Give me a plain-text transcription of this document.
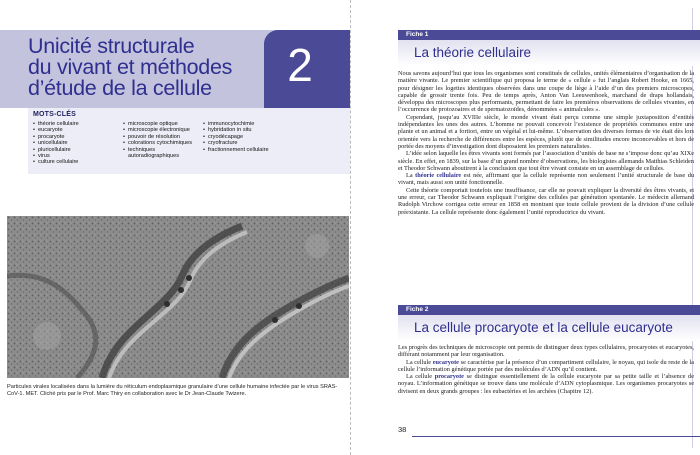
Unicité structurale
du vivant et méthodes
d’étude de la cellule	2
MOTS-CLÉS
• théorie cellulaire
• eucaryote
• procaryote
• unicellulaire
• pluricellulaire
• virus
• culture cellulaire
• microscopie optique
• microscopie électronique
• pouvoir de résolution
• colorations cytochimiques
• techniques autoradiographiques
• immunocytochimie
• hybridation in situ
• cryodécapage
• cryofracture
• fractionnement cellulaire
Particules virales localisées dans la lumière du réticulum endoplasmique granulaire d’une cellule humaine infectée par le virus SRAS-CoV-1. MET. Cliché pris par le Prof. Marc Thiry en collaboration avec le Dr Jean-Claude Twizere.
Fiche 1
La théorie cellulaire

Nous savons aujourd’hui que tous les organismes sont constitués de cellules, unités élémentaires d’organisation de la matière vivante. Le premier scientifique qui proposa le terme de « cellule » fut l’anglais Robert Hooke, en 1665, pour désigner les logettes identiques observées dans une coupe de liège à l’aide d’un des premiers microscopes, capable de grossir trente fois. Peu de temps après, Anton Van Leeuwenhoek, marchand de draps hollandais, développa des microscopes plus performants, permettant de faire les premières observations de cellules vivantes, en l’occurrence de protozoaires et de spermatozoïdes, dénommées « animalcules ».

Cependant, jusqu’au XVIIIe siècle, le monde vivant était perçu comme une simple juxtaposition d’entités indépendantes les unes des autres. L’homme ne pouvait concevoir l’existence de propriétés communes entre une plante et un animal et a fortiori, entre un végétal et lui-même. L’observation des diverses formes de vie était dès lors orientée vers la recherche de différences entre les espèces, plutôt que de similitudes encore inconcevables et hors de portée des moyens d’investigation dont disposaient les premiers naturalistes.

L’idée selon laquelle les êtres vivants sont formés par l’association d’unités de base ne s’impose donc qu’au XIXe siècle. En effet, en 1839, sur la base d’un grand nombre d’observations, les biologistes allemands Matthias Schleiden et Theodor Schwann aboutirent à la conclusion que tout être vivant consiste en un assemblage de cellules.

La théorie cellulaire est née, affirmant que la cellule représente non seulement l’unité structurale de base du vivant, mais aussi son unité fonctionnelle.

Cette théorie comportait toutefois une insuffisance, car elle ne pouvait expliquer la diversité des êtres vivants, et une erreur, car Theodor Schwann expliquait l’origine des cellules par génération spontanée. Le médecin allemand Rudolph Virchow corrigea cette erreur en 1858 en montrant que toute cellule provient de la division d’une cellule préexistante. La cellule représente donc également l’unité reproductrice du vivant.

Fiche 2
La cellule procaryote et la cellule eucaryote

Les progrès des techniques de microscopie ont permis de distinguer deux types cellulaires, procaryotes et eucaryotes, différant notamment par leur organisation.

La cellule eucaryote se caractérise par la présence d’un compartiment cellulaire, le noyau, qui isole du reste de la cellule l’information génétique portée par des molécules d’ADN qu’il contient.

La cellule procaryote se distingue essentiellement de la cellule eucaryote par sa petite taille et l’absence de noyau. L’information génétique se trouve dans une molécule d’ADN cytoplasmique. Les organismes procaryotes se divisent en deux grands groupes : les eubactéries et les archées (Chapitre 12).

38
